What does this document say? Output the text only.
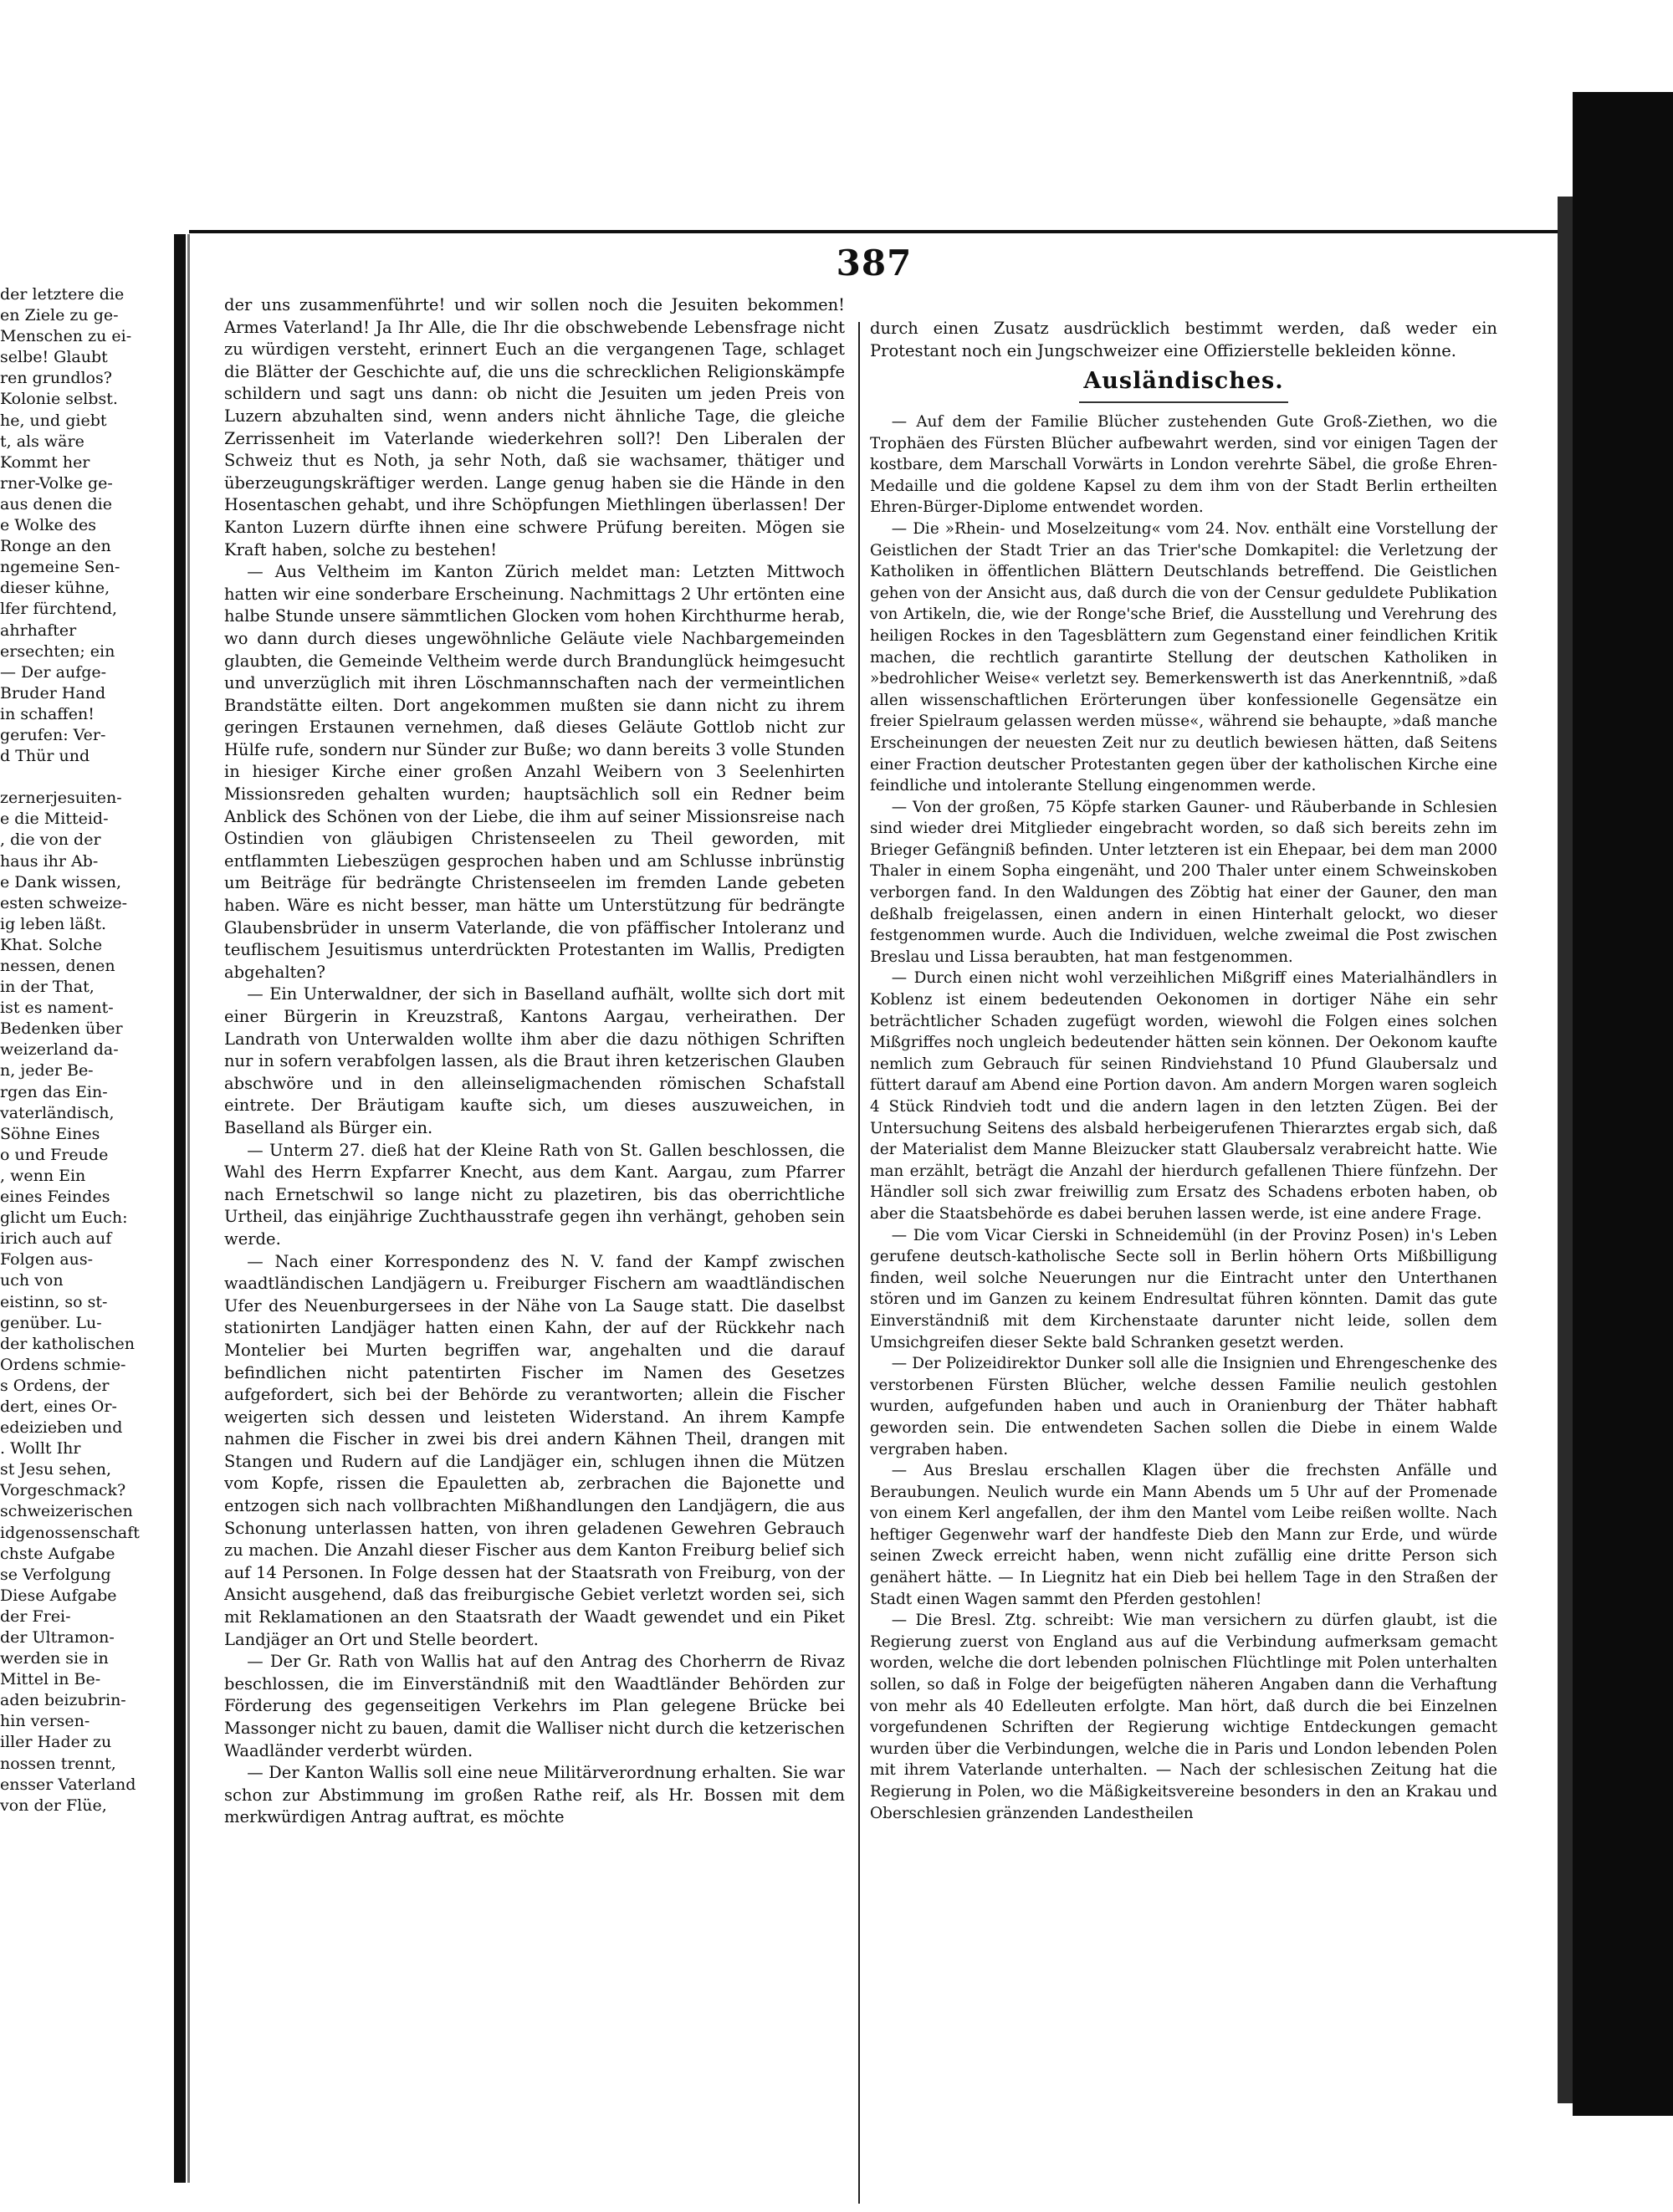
der letztere die
en Ziele zu ge-
Menschen zu ei-
selbe! Glaubt
ren grundlos?
Kolonie selbst.
he, und giebt
t, als wäre
Kommt her
rner-Volke ge-
aus denen die
e Wolke des
Ronge an den
ngemeine Sen-
dieser kühne,
lfer fürchtend,
ahrhafter
ersechten; ein
— Der aufge-
Bruder Hand
in schaffen!
gerufen: Ver-
d Thür und

zernerjesuiten-
e die Mitteid-
, die von der
haus ihr Ab-
e Dank wissen,
esten schweize-
ig leben läßt.
Khat. Solche
nessen, denen
in der That,
ist es nament-
Bedenken über
weizerland da-
n, jeder Be-
rgen das Ein-
vaterländisch,
Söhne Eines
o und Freude
, wenn Ein
eines Feindes
glicht um Euch:
irich auch auf
Folgen aus-
uch von
eistinn, so st-
genüber. Lu-
der katholischen
Ordens schmie-
s Ordens, der
dert, eines Or-
edeizieben und
. Wollt Ihr
st Jesu sehen,
Vorgeschmack?
schweizerischen
idgenossenschaft
chste Aufgabe
se Verfolgung
Diese Aufgabe
der Frei-
der Ultramon-
werden sie in
Mittel in Be-
aden beizubrin-
hin versen-
iller Hader zu
nossen trennt,
ensser Vaterland
von der Flüe,
387

der uns zusammenführte! und wir sollen noch die Jesuiten bekommen! Armes Vaterland! Ja Ihr Alle, die Ihr die obschwebende Lebensfrage nicht zu würdigen versteht, erinnert Euch an die vergangenen Tage, schlaget die Blätter der Geschichte auf, die uns die schrecklichen Religionskämpfe schildern und sagt uns dann: ob nicht die Jesuiten um jeden Preis von Luzern abzuhalten sind, wenn anders nicht ähnliche Tage, die gleiche Zerrissenheit im Vaterlande wiederkehren soll?! Den Liberalen der Schweiz thut es Noth, ja sehr Noth, daß sie wachsamer, thätiger und überzeugungskräftiger werden. Lange genug haben sie die Hände in den Hosentaschen gehabt, und ihre Schöpfungen Miethlingen überlassen! Der Kanton Luzern dürfte ihnen eine schwere Prüfung bereiten. Mögen sie Kraft haben, solche zu bestehen!

— Aus Veltheim im Kanton Zürich meldet man: Letzten Mittwoch hatten wir eine sonderbare Erscheinung. Nachmittags 2 Uhr ertönten eine halbe Stunde unsere sämmtlichen Glocken vom hohen Kirchthurme herab, wo dann durch dieses ungewöhnliche Geläute viele Nachbargemeinden glaubten, die Gemeinde Veltheim werde durch Brandunglück heimgesucht und unverzüglich mit ihren Löschmannschaften nach der vermeintlichen Brandstätte eilten. Dort angekommen mußten sie dann nicht zu ihrem geringen Erstaunen vernehmen, daß dieses Geläute Gottlob nicht zur Hülfe rufe, sondern nur Sünder zur Buße; wo dann bereits 3 volle Stunden in hiesiger Kirche einer großen Anzahl Weibern von 3 Seelenhirten Missionsreden gehalten wurden; hauptsächlich soll ein Redner beim Anblick des Schönen von der Liebe, die ihm auf seiner Missionsreise nach Ostindien von gläubigen Christenseelen zu Theil geworden, mit entflammten Liebeszügen gesprochen haben und am Schlusse inbrünstig um Beiträge für bedrängte Christenseelen im fremden Lande gebeten haben. Wäre es nicht besser, man hätte um Unterstützung für bedrängte Glaubensbrüder in unserm Vaterlande, die von pfäffischer Intoleranz und teuflischem Jesuitismus unterdrückten Protestanten im Wallis, Predigten abgehalten?

— Ein Unterwaldner, der sich in Baselland aufhält, wollte sich dort mit einer Bürgerin in Kreuzstraß, Kantons Aargau, verheirathen. Der Landrath von Unterwalden wollte ihm aber die dazu nöthigen Schriften nur in sofern verabfolgen lassen, als die Braut ihren ketzerischen Glauben abschwöre und in den alleinseligmachenden römischen Schafstall eintrete. Der Bräutigam kaufte sich, um dieses auszuweichen, in Baselland als Bürger ein.

— Unterm 27. dieß hat der Kleine Rath von St. Gallen beschlossen, die Wahl des Herrn Expfarrer Knecht, aus dem Kant. Aargau, zum Pfarrer nach Ernetschwil so lange nicht zu plazetiren, bis das oberrichtliche Urtheil, das einjährige Zuchthausstrafe gegen ihn verhängt, gehoben sein werde.

— Nach einer Korrespondenz des N. V. fand der Kampf zwischen waadtländischen Landjägern u. Freiburger Fischern am waadtländischen Ufer des Neuenburgersees in der Nähe von La Sauge statt. Die daselbst stationirten Landjäger hatten einen Kahn, der auf der Rückkehr nach Montelier bei Murten begriffen war, angehalten und die darauf befindlichen nicht patentirten Fischer im Namen des Gesetzes aufgefordert, sich bei der Behörde zu verantworten; allein die Fischer weigerten sich dessen und leisteten Widerstand. An ihrem Kampfe nahmen die Fischer in zwei bis drei andern Kähnen Theil, drangen mit Stangen und Rudern auf die Landjäger ein, schlugen ihnen die Mützen vom Kopfe, rissen die Epauletten ab, zerbrachen die Bajonette und entzogen sich nach vollbrachten Mißhandlungen den Landjägern, die aus Schonung unterlassen hatten, von ihren geladenen Gewehren Gebrauch zu machen. Die Anzahl dieser Fischer aus dem Kanton Freiburg belief sich auf 14 Personen. In Folge dessen hat der Staatsrath von Freiburg, von der Ansicht ausgehend, daß das freiburgische Gebiet verletzt worden sei, sich mit Reklamationen an den Staatsrath der Waadt gewendet und ein Piket Landjäger an Ort und Stelle beordert.

— Der Gr. Rath von Wallis hat auf den Antrag des Chorherrn de Rivaz beschlossen, die im Einverständniß mit den Waadtländer Behörden zur Förderung des gegenseitigen Verkehrs im Plan gelegene Brücke bei Massonger nicht zu bauen, damit die Walliser nicht durch die ketzerischen Waadländer verderbt würden.

— Der Kanton Wallis soll eine neue Militärverordnung erhalten. Sie war schon zur Abstimmung im großen Rathe reif, als Hr. Bossen mit dem merkwürdigen Antrag auftrat, es möchte

durch einen Zusatz ausdrücklich bestimmt werden, daß weder ein Protestant noch ein Jungschweizer eine Offizierstelle bekleiden könne.

Ausländisches.

— Auf dem der Familie Blücher zustehenden Gute Groß-Ziethen, wo die Trophäen des Fürsten Blücher aufbewahrt werden, sind vor einigen Tagen der kostbare, dem Marschall Vorwärts in London verehrte Säbel, die große Ehren-Medaille und die goldene Kapsel zu dem ihm von der Stadt Berlin ertheilten Ehren-Bürger-Diplome entwendet worden.

— Die »Rhein- und Moselzeitung« vom 24. Nov. enthält eine Vorstellung der Geistlichen der Stadt Trier an das Trier'sche Domkapitel: die Verletzung der Katholiken in öffentlichen Blättern Deutschlands betreffend. Die Geistlichen gehen von der Ansicht aus, daß durch die von der Censur geduldete Publikation von Artikeln, die, wie der Ronge'sche Brief, die Ausstellung und Verehrung des heiligen Rockes in den Tagesblättern zum Gegenstand einer feindlichen Kritik machen, die rechtlich garantirte Stellung der deutschen Katholiken in »bedrohlicher Weise« verletzt sey. Bemerkenswerth ist das Anerkenntniß, »daß allen wissenschaftlichen Erörterungen über konfessionelle Gegensätze ein freier Spielraum gelassen werden müsse«, während sie behaupte, »daß manche Erscheinungen der neuesten Zeit nur zu deutlich bewiesen hätten, daß Seitens einer Fraction deutscher Protestanten gegen über der katholischen Kirche eine feindliche und intolerante Stellung eingenommen werde.

— Von der großen, 75 Köpfe starken Gauner- und Räuberbande in Schlesien sind wieder drei Mitglieder eingebracht worden, so daß sich bereits zehn im Brieger Gefängniß befinden. Unter letzteren ist ein Ehepaar, bei dem man 2000 Thaler in einem Sopha eingenäht, und 200 Thaler unter einem Schweinskoben verborgen fand. In den Waldungen des Zöbtig hat einer der Gauner, den man deßhalb freigelassen, einen andern in einen Hinterhalt gelockt, wo dieser festgenommen wurde. Auch die Individuen, welche zweimal die Post zwischen Breslau und Lissa beraubten, hat man festgenommen.

— Durch einen nicht wohl verzeihlichen Mißgriff eines Materialhändlers in Koblenz ist einem bedeutenden Oekonomen in dortiger Nähe ein sehr beträchtlicher Schaden zugefügt worden, wiewohl die Folgen eines solchen Mißgriffes noch ungleich bedeutender hätten sein können. Der Oekonom kaufte nemlich zum Gebrauch für seinen Rindviehstand 10 Pfund Glaubersalz und füttert darauf am Abend eine Portion davon. Am andern Morgen waren sogleich 4 Stück Rindvieh todt und die andern lagen in den letzten Zügen. Bei der Untersuchung Seitens des alsbald herbeigerufenen Thierarztes ergab sich, daß der Materialist dem Manne Bleizucker statt Glaubersalz verabreicht hatte. Wie man erzählt, beträgt die Anzahl der hierdurch gefallenen Thiere fünfzehn. Der Händler soll sich zwar freiwillig zum Ersatz des Schadens erboten haben, ob aber die Staatsbehörde es dabei beruhen lassen werde, ist eine andere Frage.

— Die vom Vicar Cierski in Schneidemühl (in der Provinz Posen) in's Leben gerufene deutsch-katholische Secte soll in Berlin höhern Orts Mißbilligung finden, weil solche Neuerungen nur die Eintracht unter den Unterthanen stören und im Ganzen zu keinem Endresultat führen könnten. Damit das gute Einverständniß mit dem Kirchenstaate darunter nicht leide, sollen dem Umsichgreifen dieser Sekte bald Schranken gesetzt werden.

— Der Polizeidirektor Dunker soll alle die Insignien und Ehrengeschenke des verstorbenen Fürsten Blücher, welche dessen Familie neulich gestohlen wurden, aufgefunden haben und auch in Oranienburg der Thäter habhaft geworden sein. Die entwendeten Sachen sollen die Diebe in einem Walde vergraben haben.

— Aus Breslau erschallen Klagen über die frechsten Anfälle und Beraubungen. Neulich wurde ein Mann Abends um 5 Uhr auf der Promenade von einem Kerl angefallen, der ihm den Mantel vom Leibe reißen wollte. Nach heftiger Gegenwehr warf der handfeste Dieb den Mann zur Erde, und würde seinen Zweck erreicht haben, wenn nicht zufällig eine dritte Person sich genähert hätte. — In Liegnitz hat ein Dieb bei hellem Tage in den Straßen der Stadt einen Wagen sammt den Pferden gestohlen!

— Die Bresl. Ztg. schreibt: Wie man versichern zu dürfen glaubt, ist die Regierung zuerst von England aus auf die Verbindung aufmerksam gemacht worden, welche die dort lebenden polnischen Flüchtlinge mit Polen unterhalten sollen, so daß in Folge der beigefügten näheren Angaben dann die Verhaftung von mehr als 40 Edelleuten erfolgte. Man hört, daß durch die bei Einzelnen vorgefundenen Schriften der Regierung wichtige Entdeckungen gemacht wurden über die Verbindungen, welche die in Paris und London lebenden Polen mit ihrem Vaterlande unterhalten. — Nach der schlesischen Zeitung hat die Regierung in Polen, wo die Mäßigkeitsvereine besonders in den an Krakau und Oberschlesien gränzenden Landestheilen
